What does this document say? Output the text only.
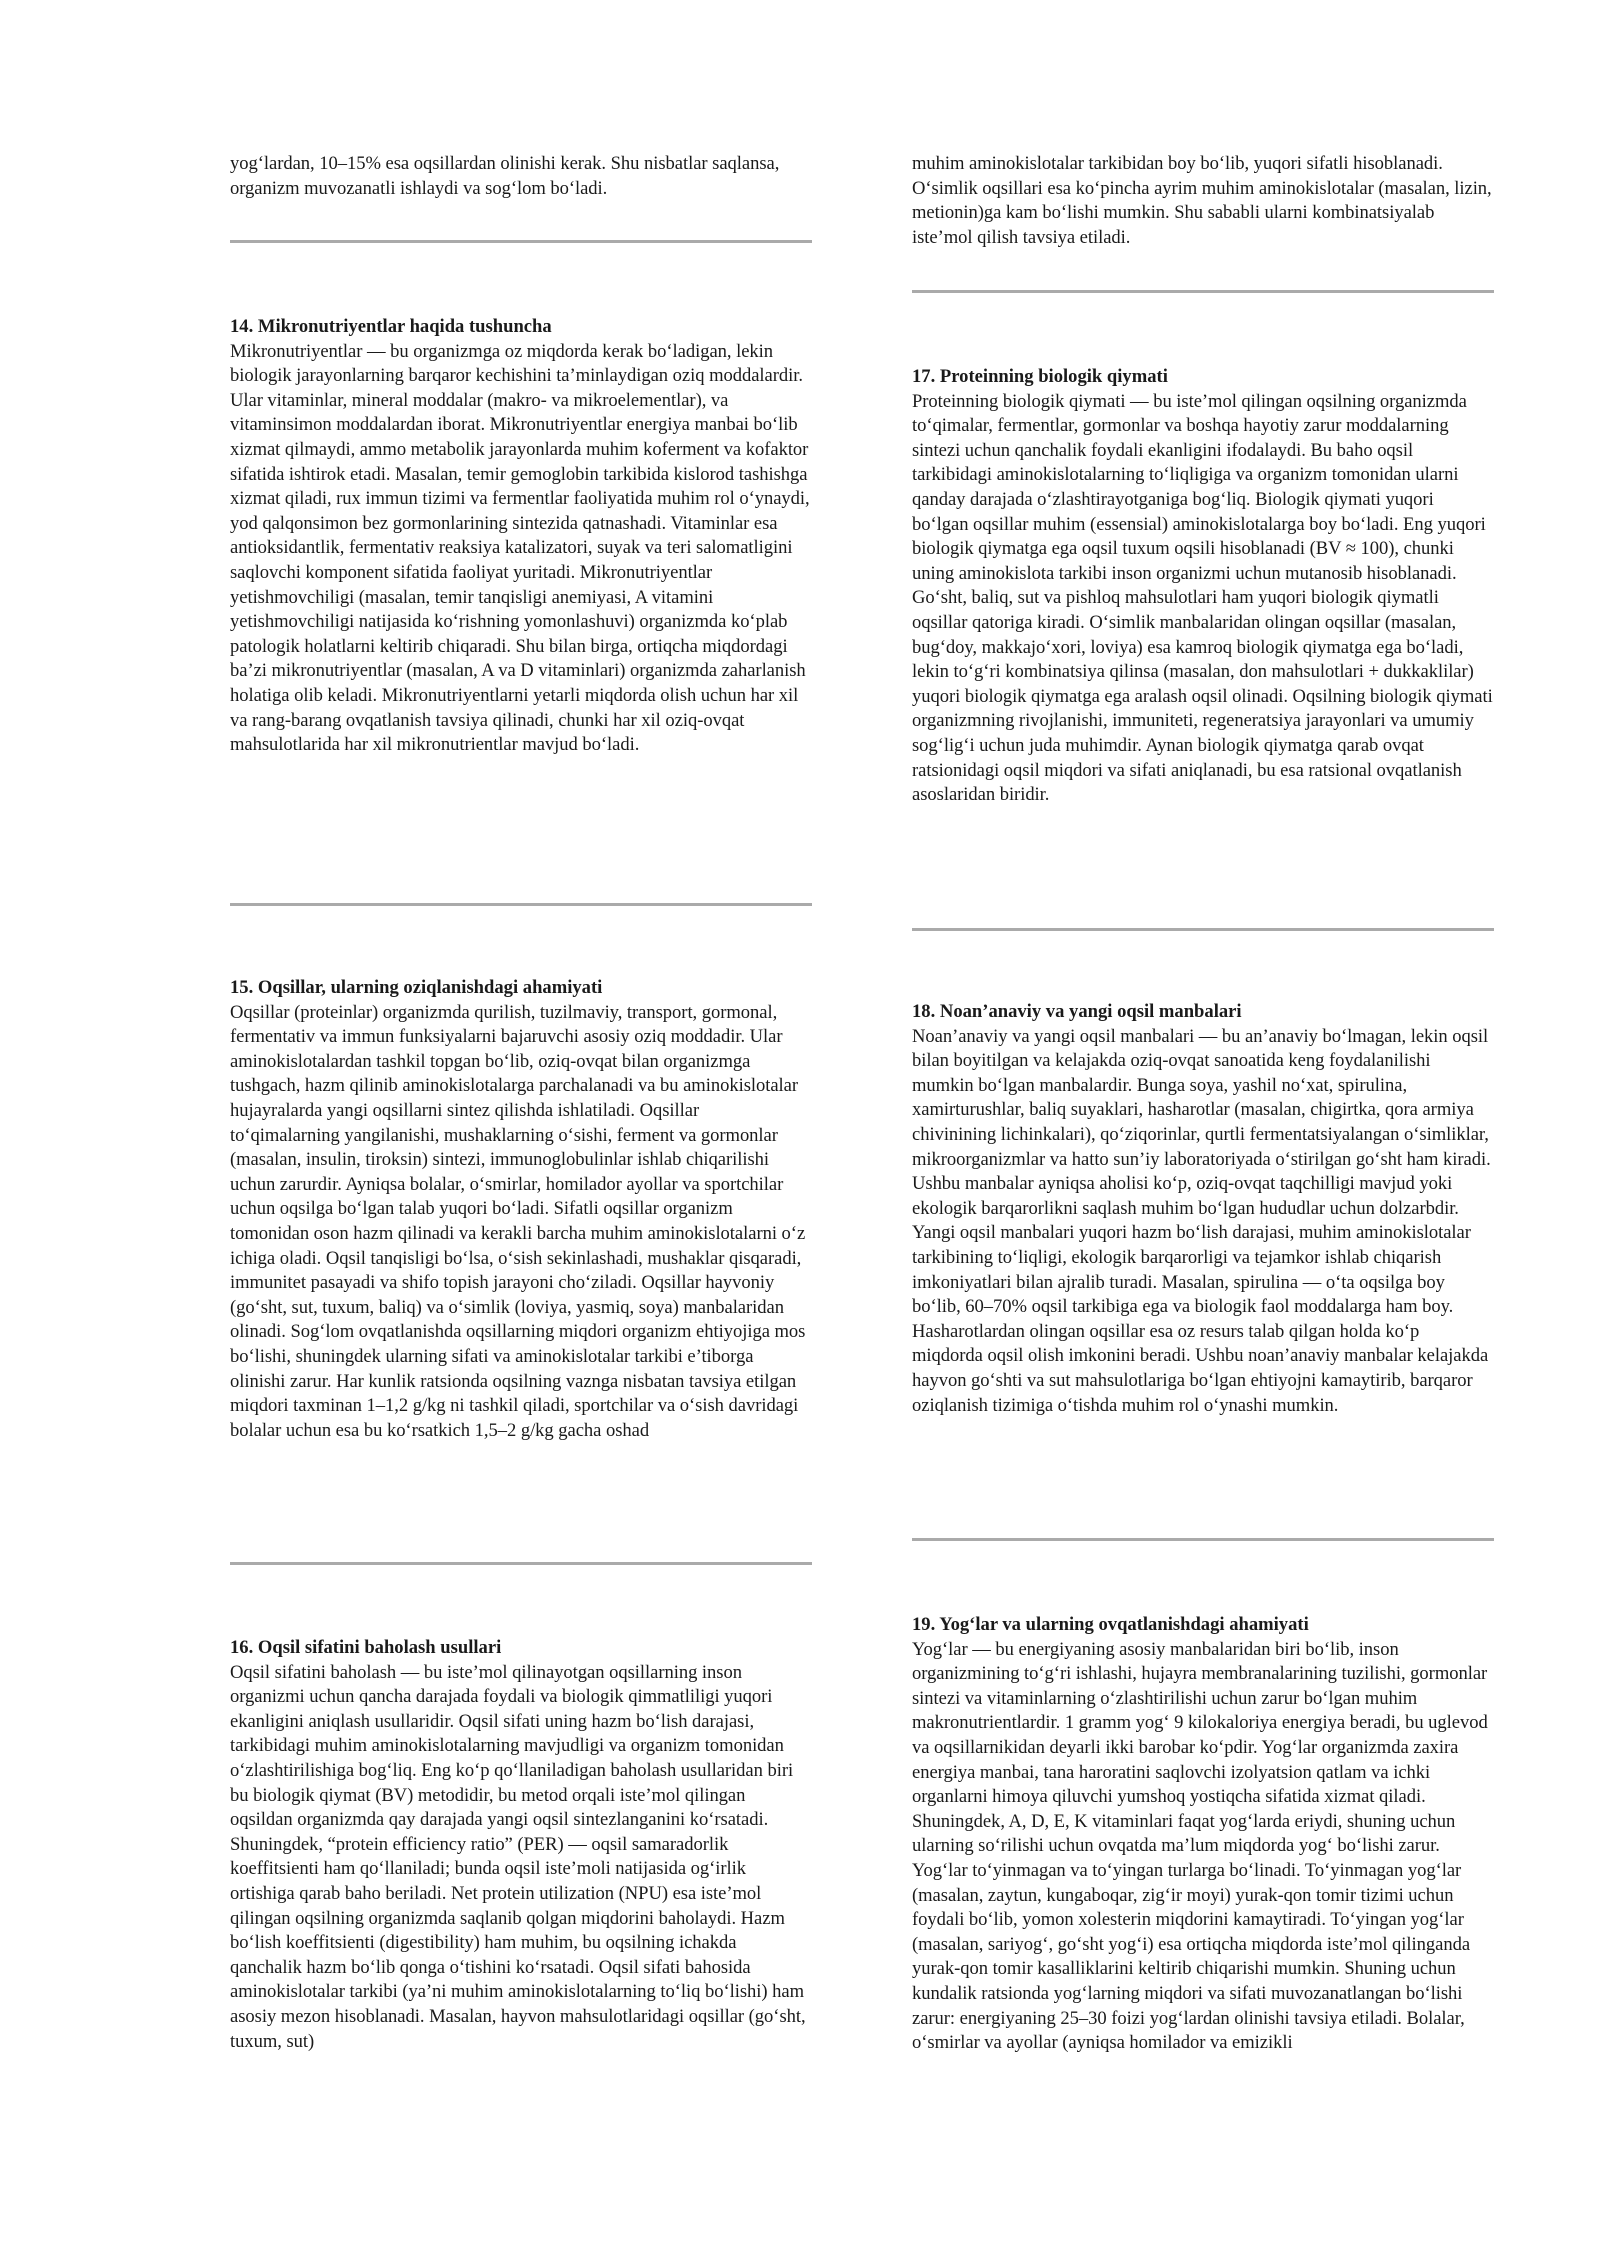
yog‘lardan, 10–15% esa oqsillardan olinishi kerak. Shu nisbatlar saqlansa, organizm muvozanatli ishlaydi va sog‘lom bo‘ladi.

14. Mikronutriyentlar haqida tushuncha

Mikronutriyentlar — bu organizmga oz miqdorda kerak bo‘ladigan, lekin biologik jarayonlarning barqaror kechishini ta’minlaydigan oziq moddalardir. Ular vitaminlar, mineral moddalar (makro- va mikroelementlar), va vitaminsimon moddalardan iborat. Mikronutriyentlar energiya manbai bo‘lib xizmat qilmaydi, ammo metabolik jarayonlarda muhim koferment va kofaktor sifatida ishtirok etadi. Masalan, temir gemoglobin tarkibida kislorod tashishga xizmat qiladi, rux immun tizimi va fermentlar faoliyatida muhim rol o‘ynaydi, yod qalqonsimon bez gormonlarining sintezida qatnashadi. Vitaminlar esa antioksidantlik, fermentativ reaksiya katalizatori, suyak va teri salomatligini saqlovchi komponent sifatida faoliyat yuritadi. Mikronutriyentlar yetishmovchiligi (masalan, temir tanqisligi anemiyasi, A vitamini yetishmovchiligi natijasida ko‘rishning yomonlashuvi) organizmda ko‘plab patologik holatlarni keltirib chiqaradi. Shu bilan birga, ortiqcha miqdordagi ba’zi mikronutriyentlar (masalan, A va D vitaminlari) organizmda zaharlanish holatiga olib keladi. Mikronutriyentlarni yetarli miqdorda olish uchun har xil va rang-barang ovqatlanish tavsiya qilinadi, chunki har xil oziq-ovqat mahsulotlarida har xil mikronutrientlar mavjud bo‘ladi.

15. Oqsillar, ularning oziqlanishdagi ahamiyati

Oqsillar (proteinlar) organizmda qurilish, tuzilmaviy, transport, gormonal, fermentativ va immun funksiyalarni bajaruvchi asosiy oziq moddadir. Ular aminokislotalardan tashkil topgan bo‘lib, oziq-ovqat bilan organizmga tushgach, hazm qilinib aminokislotalarga parchalanadi va bu aminokislotalar hujayralarda yangi oqsillarni sintez qilishda ishlatiladi. Oqsillar to‘qimalarning yangilanishi, mushaklarning o‘sishi, ferment va gormonlar (masalan, insulin, tiroksin) sintezi, immunoglobulinlar ishlab chiqarilishi uchun zarurdir. Ayniqsa bolalar, o‘smirlar, homilador ayollar va sportchilar uchun oqsilga bo‘lgan talab yuqori bo‘ladi. Sifatli oqsillar organizm tomonidan oson hazm qilinadi va kerakli barcha muhim aminokislotalarni o‘z ichiga oladi. Oqsil tanqisligi bo‘lsa, o‘sish sekinlashadi, mushaklar qisqaradi, immunitet pasayadi va shifo topish jarayoni cho‘ziladi. Oqsillar hayvoniy (go‘sht, sut, tuxum, baliq) va o‘simlik (loviya, yasmiq, soya) manbalaridan olinadi. Sog‘lom ovqatlanishda oqsillarning miqdori organizm ehtiyojiga mos bo‘lishi, shuningdek ularning sifati va aminokislotalar tarkibi e’tiborga olinishi zarur. Har kunlik ratsionda oqsilning vaznga nisbatan tavsiya etilgan miqdori taxminan 1–1,2 g/kg ni tashkil qiladi, sportchilar va o‘sish davridagi bolalar uchun esa bu ko‘rsatkich 1,5–2 g/kg gacha oshad

16. Oqsil sifatini baholash usullari

Oqsil sifatini baholash — bu iste’mol qilinayotgan oqsillarning inson organizmi uchun qancha darajada foydali va biologik qimmatliligi yuqori ekanligini aniqlash usullaridir. Oqsil sifati uning hazm bo‘lish darajasi, tarkibidagi muhim aminokislotalarning mavjudligi va organizm tomonidan o‘zlashtirilishiga bog‘liq. Eng ko‘p qo‘llaniladigan baholash usullaridan biri bu biologik qiymat (BV) metodidir, bu metod orqali iste’mol qilingan oqsildan organizmda qay darajada yangi oqsil sintezlanganini ko‘rsatadi. Shuningdek, “protein efficiency ratio” (PER) — oqsil samaradorlik koeffitsienti ham qo‘llaniladi; bunda oqsil iste’moli natijasida og‘irlik ortishiga qarab baho beriladi. Net protein utilization (NPU) esa iste’mol qilingan oqsilning organizmda saqlanib qolgan miqdorini baholaydi. Hazm bo‘lish koeffitsienti (digestibility) ham muhim, bu oqsilning ichakda qanchalik hazm bo‘lib qonga o‘tishini ko‘rsatadi. Oqsil sifati bahosida aminokislotalar tarkibi (ya’ni muhim aminokislotalarning to‘liq bo‘lishi) ham asosiy mezon hisoblanadi. Masalan, hayvon mahsulotlaridagi oqsillar (go‘sht, tuxum, sut)

muhim aminokislotalar tarkibidan boy bo‘lib, yuqori sifatli hisoblanadi. O‘simlik oqsillari esa ko‘pincha ayrim muhim aminokislotalar (masalan, lizin, metionin)ga kam bo‘lishi mumkin. Shu sababli ularni kombinatsiyalab iste’mol qilish tavsiya etiladi.

17. Proteinning biologik qiymati

Proteinning biologik qiymati — bu iste’mol qilingan oqsilning organizmda to‘qimalar, fermentlar, gormonlar va boshqa hayotiy zarur moddalarning sintezi uchun qanchalik foydali ekanligini ifodalaydi. Bu baho oqsil tarkibidagi aminokislotalarning to‘liqligiga va organizm tomonidan ularni qanday darajada o‘zlashtirayotganiga bog‘liq. Biologik qiymati yuqori bo‘lgan oqsillar muhim (essensial) aminokislotalarga boy bo‘ladi. Eng yuqori biologik qiymatga ega oqsil tuxum oqsili hisoblanadi (BV ≈ 100), chunki uning aminokislota tarkibi inson organizmi uchun mutanosib hisoblanadi. Go‘sht, baliq, sut va pishloq mahsulotlari ham yuqori biologik qiymatli oqsillar qatoriga kiradi. O‘simlik manbalaridan olingan oqsillar (masalan, bug‘doy, makkajo‘xori, loviya) esa kamroq biologik qiymatga ega bo‘ladi, lekin to‘g‘ri kombinatsiya qilinsa (masalan, don mahsulotlari + dukkaklilar) yuqori biologik qiymatga ega aralash oqsil olinadi. Oqsilning biologik qiymati organizmning rivojlanishi, immuniteti, regeneratsiya jarayonlari va umumiy sog‘lig‘i uchun juda muhimdir. Aynan biologik qiymatga qarab ovqat ratsionidagi oqsil miqdori va sifati aniqlanadi, bu esa ratsional ovqatlanish asoslaridan biridir.

18. Noan’anaviy va yangi oqsil manbalari

Noan’anaviy va yangi oqsil manbalari — bu an’anaviy bo‘lmagan, lekin oqsil bilan boyitilgan va kelajakda oziq-ovqat sanoatida keng foydalanilishi mumkin bo‘lgan manbalardir. Bunga soya, yashil no‘xat, spirulina, xamirturushlar, baliq suyaklari, hasharotlar (masalan, chigirtka, qora armiya chivinining lichinkalari), qo‘ziqorinlar, qurtli fermentatsiyalangan o‘simliklar, mikroorganizmlar va hatto sun’iy laboratoriyada o‘stirilgan go‘sht ham kiradi. Ushbu manbalar ayniqsa aholisi ko‘p, oziq-ovqat taqchilligi mavjud yoki ekologik barqarorlikni saqlash muhim bo‘lgan hududlar uchun dolzarbdir. Yangi oqsil manbalari yuqori hazm bo‘lish darajasi, muhim aminokislotalar tarkibining to‘liqligi, ekologik barqarorligi va tejamkor ishlab chiqarish imkoniyatlari bilan ajralib turadi. Masalan, spirulina — o‘ta oqsilga boy bo‘lib, 60–70% oqsil tarkibiga ega va biologik faol moddalarga ham boy. Hasharotlardan olingan oqsillar esa oz resurs talab qilgan holda ko‘p miqdorda oqsil olish imkonini beradi. Ushbu noan’anaviy manbalar kelajakda hayvon go‘shti va sut mahsulotlariga bo‘lgan ehtiyojni kamaytirib, barqaror oziqlanish tizimiga o‘tishda muhim rol o‘ynashi mumkin.

19. Yog‘lar va ularning ovqatlanishdagi ahamiyati

Yog‘lar — bu energiyaning asosiy manbalaridan biri bo‘lib, inson organizmining to‘g‘ri ishlashi, hujayra membranalarining tuzilishi, gormonlar sintezi va vitaminlarning o‘zlashtirilishi uchun zarur bo‘lgan muhim makronutrientlardir. 1 gramm yog‘ 9 kilokaloriya energiya beradi, bu uglevod va oqsillarnikidan deyarli ikki barobar ko‘pdir. Yog‘lar organizmda zaxira energiya manbai, tana haroratini saqlovchi izolyatsion qatlam va ichki organlarni himoya qiluvchi yumshoq yostiqcha sifatida xizmat qiladi. Shuningdek, A, D, E, K vitaminlari faqat yog‘larda eriydi, shuning uchun ularning so‘rilishi uchun ovqatda ma’lum miqdorda yog‘ bo‘lishi zarur. Yog‘lar to‘yinmagan va to‘yingan turlarga bo‘linadi. To‘yinmagan yog‘lar (masalan, zaytun, kungaboqar, zig‘ir moyi) yurak-qon tomir tizimi uchun foydali bo‘lib, yomon xolesterin miqdorini kamaytiradi. To‘yingan yog‘lar (masalan, sariyog‘, go‘sht yog‘i) esa ortiqcha miqdorda iste’mol qilinganda yurak-qon tomir kasalliklarini keltirib chiqarishi mumkin. Shuning uchun kundalik ratsionda yog‘larning miqdori va sifati muvozanatlangan bo‘lishi zarur: energiyaning 25–30 foizi yog‘lardan olinishi tavsiya etiladi. Bolalar, o‘smirlar va ayollar (ayniqsa homilador va emizikli
